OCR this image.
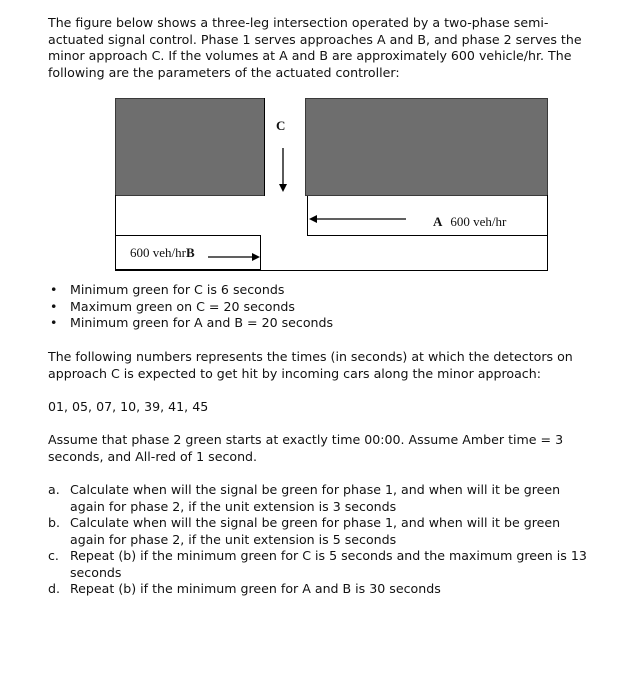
The figure below shows a three-leg intersection operated by a two-phase semi-actuated signal control. Phase 1 serves approaches A and B, and phase 2 serves the minor approach C. If the volumes at A and B are approximately 600 vehicle/hr. The following are the parameters of the actuated controller:

C
A 600 veh/hr
600 veh/hrB
• Minimum green for C is 6 seconds
• Maximum green on C = 20 seconds
• Minimum green for A and B = 20 seconds

The following numbers represents the times (in seconds) at which the detectors on approach C is expected to get hit by incoming cars along the minor approach:

01, 05, 07, 10, 39, 41, 45

Assume that phase 2 green starts at exactly time 00:00. Assume Amber time = 3 seconds, and All-red of 1 second.

a. Calculate when will the signal be green for phase 1, and when will it be green again for phase 2, if the unit extension is 3 seconds
b. Calculate when will the signal be green for phase 1, and when will it be green again for phase 2, if the unit extension is 5 seconds
c. Repeat (b) if the minimum green for C is 5 seconds and the maximum green is 13 seconds
d. Repeat (b) if the minimum green for A and B is 30 seconds
